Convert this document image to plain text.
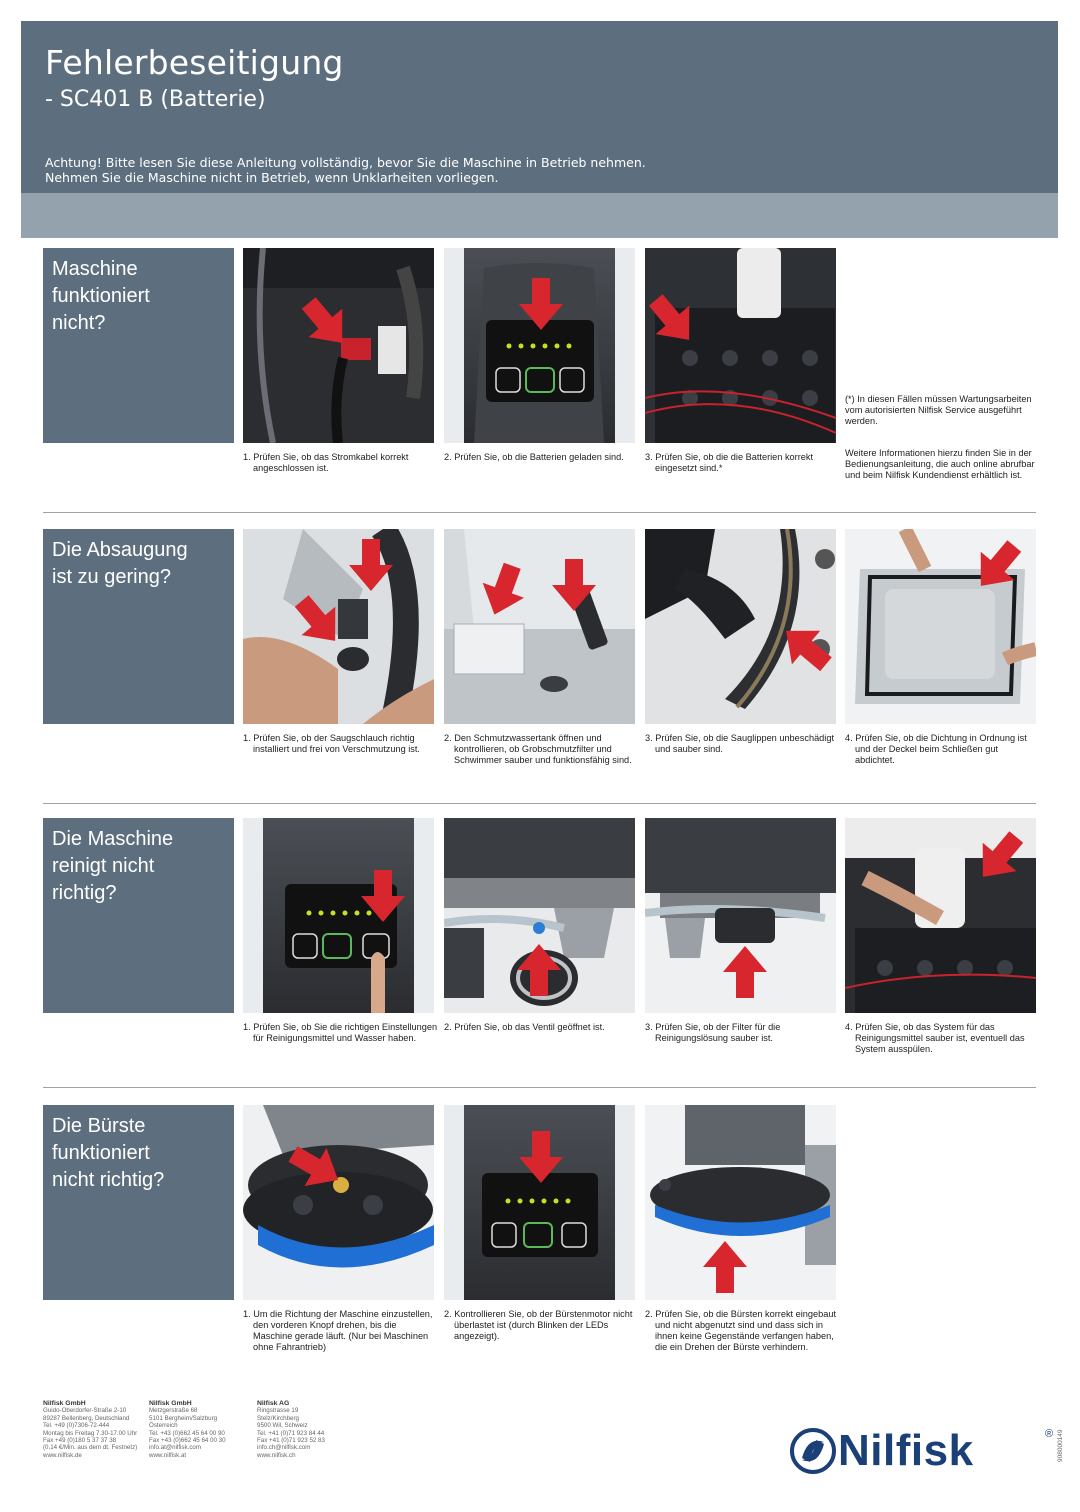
Fehlerbeseitigung
- SC401 B (Batterie)
Achtung! Bitte lesen Sie diese Anleitung vollständig, bevor Sie die Maschine in Betrieb nehmen.
Nehmen Sie die Maschine nicht in Betrieb, wenn Unklarheiten vorliegen.
Maschine
funktioniert
nicht?
1. Prüfen Sie, ob das Stromkabel korrekt angeschlossen ist.
2. Prüfen Sie, ob die Batterien geladen sind.	3. Prüfen Sie, ob die die Batterien korrekt eingesetzt sind.*
(*) In diesen Fällen müssen Wartungsarbeiten vom autorisierten Nilfisk Service ausgeführt werden.
Weitere Informationen hierzu finden Sie in der Bedienungsanleitung, die auch online abrufbar und beim Nilfisk Kundendienst erhältlich ist.
Die Absaugung
ist zu gering?
1. Prüfen Sie, ob der Saugschlauch richtig installiert und frei von Verschmutzung ist.
2. Den Schmutzwassertank öffnen und kontrollieren, ob Grobschmutzfilter und Schwimmer sauber und funktionsfähig sind.
3. Prüfen Sie, ob die Sauglippen unbeschädigt und sauber sind.
4. Prüfen Sie, ob die Dichtung in Ordnung ist und der Deckel beim Schließen gut abdichtet.
Die Maschine
reinigt nicht
richtig?
1. Prüfen Sie, ob Sie die richtigen Einstellungen für Reinigungsmittel und Wasser haben.
2. Prüfen Sie, ob das Ventil geöffnet ist.	3. Prüfen Sie, ob der Filter für die Reinigungslösung sauber ist.
4. Prüfen Sie, ob das System für das Reinigungsmittel sauber ist, eventuell das System ausspülen.
Die Bürste
funktioniert
nicht richtig?
1. Um die Richtung der Maschine einzustellen, den vorderen Knopf drehen, bis die Maschine gerade läuft. (Nur bei Maschinen ohne Fahrantrieb)
2. Kontrollieren Sie, ob der Bürstenmotor nicht überlastet ist (durch Blinken der LEDs angezeigt).
2. Prüfen Sie, ob die Bürsten korrekt eingebaut und nicht abgenutzt sind und dass sich in ihnen keine Gegenstände verfangen haben, die ein Drehen der Bürste verhindern.
Nilfisk GmbH
Guido-Oberdorfer-Straße 2-10
89287 Bellenberg, Deutschland
Tel. +49 (0)7306-72-444
Montag bis Freitag 7.30-17.00 Uhr
Fax +49 (0)180 5 37 37 38
(0,14 €/Min. aus dem dt. Festnetz)
www.nilfisk.de
Nilfisk GmbH
Metzgerstraße 68
5101 Bergheim/Salzburg
Österreich
Tel. +43 (0)662 45 64 00 90
Fax +43 (0)662 45 64 00 30
info.at@nilfisk.com
www.nilfisk.at
Nilfisk AG
Ringstrasse 19
Stelz/Kirchberg
9500 Wil, Schweiz
Tel. +41 (0)71 923 84 44
Fax +41 (0)71 923 52 83
info.ch@nilfisk.com
www.nilfisk.ch	Nilfisk	® 908000149
